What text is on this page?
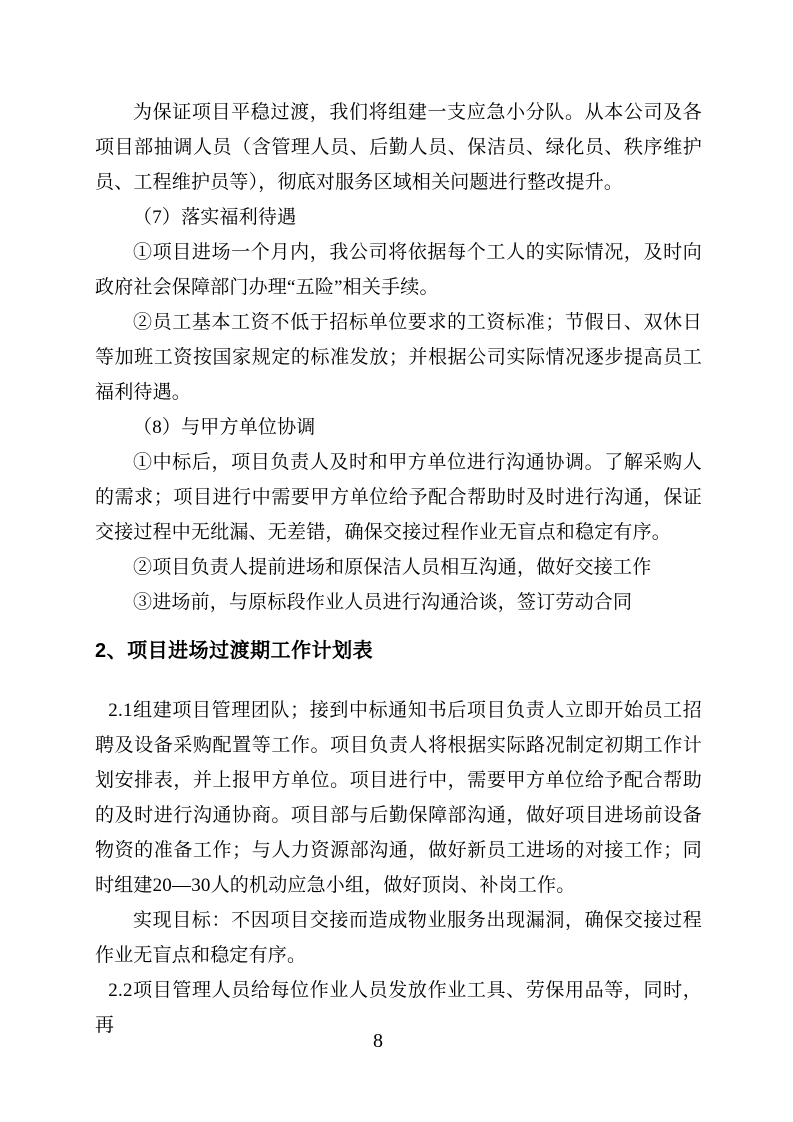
为保证项目平稳过渡，我们将组建一支应急小分队。从本公司及各项目部抽调人员（含管理人员、后勤人员、保洁员、绿化员、秩序维护员、工程维护员等），彻底对服务区域相关问题进行整改提升。

（7）落实福利待遇

①项目进场一个月内，我公司将依据每个工人的实际情况，及时向政府社会保障部门办理“五险”相关手续。

②员工基本工资不低于招标单位要求的工资标准；节假日、双休日等加班工资按国家规定的标准发放；并根据公司实际情况逐步提高员工福利待遇。

（8）与甲方单位协调

①中标后，项目负责人及时和甲方单位进行沟通协调。了解采购人的需求；项目进行中需要甲方单位给予配合帮助时及时进行沟通，保证交接过程中无纰漏、无差错，确保交接过程作业无盲点和稳定有序。

②项目负责人提前进场和原保洁人员相互沟通，做好交接工作

③进场前，与原标段作业人员进行沟通洽谈，签订劳动合同

2、项目进场过渡期工作计划表

2.1组建项目管理团队；接到中标通知书后项目负责人立即开始员工招聘及设备采购配置等工作。项目负责人将根据实际路况制定初期工作计划安排表，并上报甲方单位。项目进行中，需要甲方单位给予配合帮助的及时进行沟通协商。项目部与后勤保障部沟通，做好项目进场前设备物资的准备工作；与人力资源部沟通，做好新员工进场的对接工作；同时组建20—30人的机动应急小组，做好顶岗、补岗工作。

实现目标：不因项目交接而造成物业服务出现漏洞，确保交接过程作业无盲点和稳定有序。

2.2项目管理人员给每位作业人员发放作业工具、劳保用品等，同时，再

8
